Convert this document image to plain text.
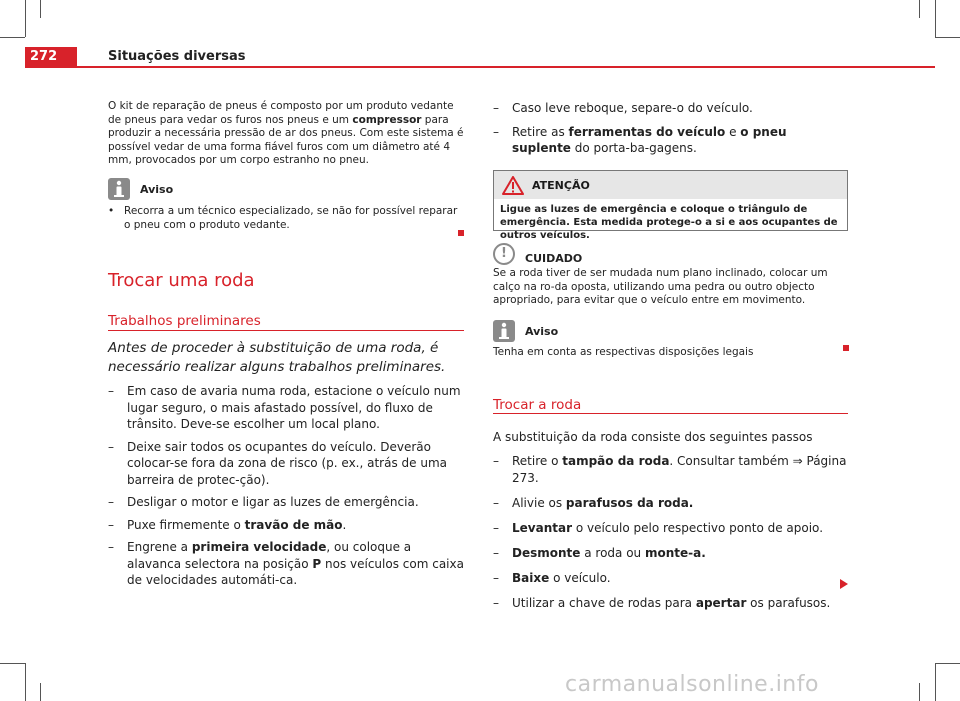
272	Situações diversas
O kit de reparação de pneus é composto por um produto vedante de pneus para vedar os furos nos pneus e um compressor para produzir a necessária pressão de ar dos pneus. Com este sistema é possível vedar de uma forma fiável furos com um diâmetro até 4 mm, provocados por um corpo estranho no pneu.
Aviso
• Recorra a um técnico especializado, se não for possível reparar o pneu com o produto vedante.
Trocar uma roda
Trabalhos preliminares
Antes de proceder à substituição de uma roda, é necessário realizar alguns trabalhos preliminares.
– Em caso de avaria numa roda, estacione o veículo num lugar seguro, o mais afastado possível, do fluxo de trânsito. Deve-se escolher um local plano.
– Deixe sair todos os ocupantes do veículo. Deverão colocar-se fora da zona de risco (p. ex., atrás de uma barreira de protec-ção).
– Desligar o motor e ligar as luzes de emergência.
– Puxe firmemente o travão de mão.
– Engrene a primeira velocidade, ou coloque a alavanca selectora na posição P nos veículos com caixa de velocidades automáti-ca.
– Caso leve reboque, separe-o do veículo.
– Retire as ferramentas do veículo e o pneu suplente do porta-ba-gagens.
ATENÇÃO
Ligue as luzes de emergência e coloque o triângulo de emergência. Esta medida protege-o a si e aos ocupantes de outros veículos.
!	CUIDADO
Se a roda tiver de ser mudada num plano inclinado, colocar um calço na ro-da oposta, utilizando uma pedra ou outro objecto apropriado, para evitar que o veículo entre em movimento.
Aviso
Tenha em conta as respectivas disposições legais
Trocar a roda
A substituição da roda consiste dos seguintes passos
– Retire o tampão da roda. Consultar também ⇒ Página 273.
– Alivie os parafusos da roda.
– Levantar o veículo pelo respectivo ponto de apoio.
– Desmonte a roda ou monte-a.
– Baixe o veículo.
– Utilizar a chave de rodas para apertar os parafusos.
carmanualsonline.info
